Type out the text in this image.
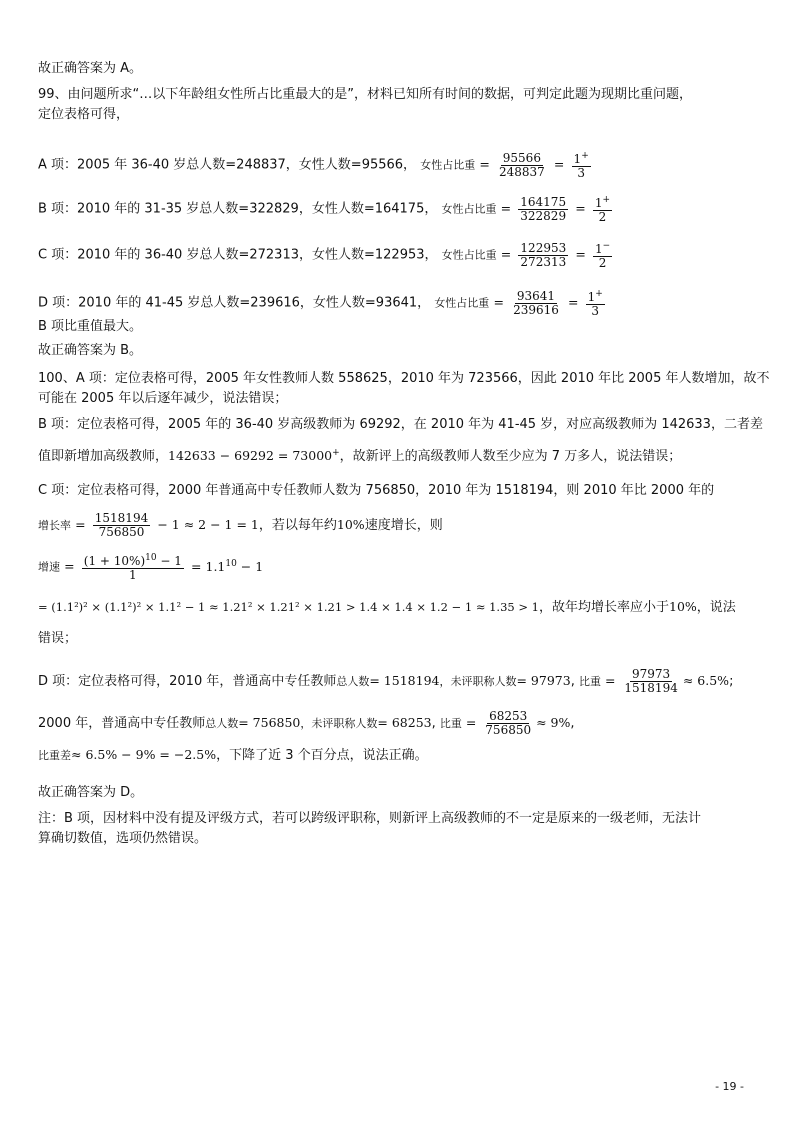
故正确答案为 A。
99、由问题所求“…以下年龄组女性所占比重最大的是”，材料已知所有时间的数据，可判定此题为现期比重问题，
定位表格可得，
A 项：2005 年 36-40 岁总人数=248837，女性人数=95566， 女性占比重 = $\frac{95566}{248837} = \frac{1^+}{3}$
B 项：2010 年的 31-35 岁总人数=322829，女性人数=164175， 女性占比重 = $\frac{164175}{322829} = \frac{1^+}{2}$
C 项：2010 年的 36-40 岁总人数=272313，女性人数=122953， 女性占比重 = $\frac{122953}{272313} = \frac{1^-}{2}$
D 项：2010 年的 41-45 岁总人数=239616，女性人数=93641， 女性占比重 = $\frac{93641}{239616} = \frac{1^+}{3}$
B 项比重值最大。
故正确答案为 B。
100、A 项：定位表格可得，2005 年女性教师人数 558625，2010 年为 723566，因此 2010 年比 2005 年人数增加，故不
可能在 2005 年以后逐年减少，说法错误；
B 项：定位表格可得，2005 年的 36-40 岁高级教师为 69292，在 2010 年为 41-45 岁，对应高级教师为 142633，二者差
值即新增加高级教师，142633 − 69292 = 73000+，故新评上的高级教师人数至少应为 7 万多人，说法错误；
C 项：定位表格可得，2000 年普通高中专任教师人数为 756850，2010 年为 1518194，则 2010 年比 2000 年的
增长率 = $\frac{1518194}{756850} - 1 \approx 2 - 1 = 1$，若以每年约10%速度增长，则
增速 = $\frac{(1 + 10\%)^{10} - 1}{1} = 1.1^{10} - 1$
= (1.1²)² × (1.1²)² × 1.1² − 1 ≈ 1.21² × 1.21² × 1.21 > 1.4 × 1.4 × 1.2 − 1 ≈ 1.35 > 1，故年均增长率应小于10%，说法
错误；
D 项：定位表格可得，2010 年，普通高中专任教师总人数= 1518194，未评职称人数= 97973, 比重 = $\frac{97973}{1518194} \approx 6.5\%$;
2000 年，普通高中专任教师总人数= 756850，未评职称人数= 68253, 比重 = $\frac{68253}{756850} \approx 9\%$,
比重差≈ 6.5% − 9% = −2.5%，下降了近 3 个百分点，说法正确。
故正确答案为 D。
注：B 项，因材料中没有提及评级方式，若可以跨级评职称，则新评上高级教师的不一定是原来的一级老师，无法计
算确切数值，选项仍然错误。
- 19 -
